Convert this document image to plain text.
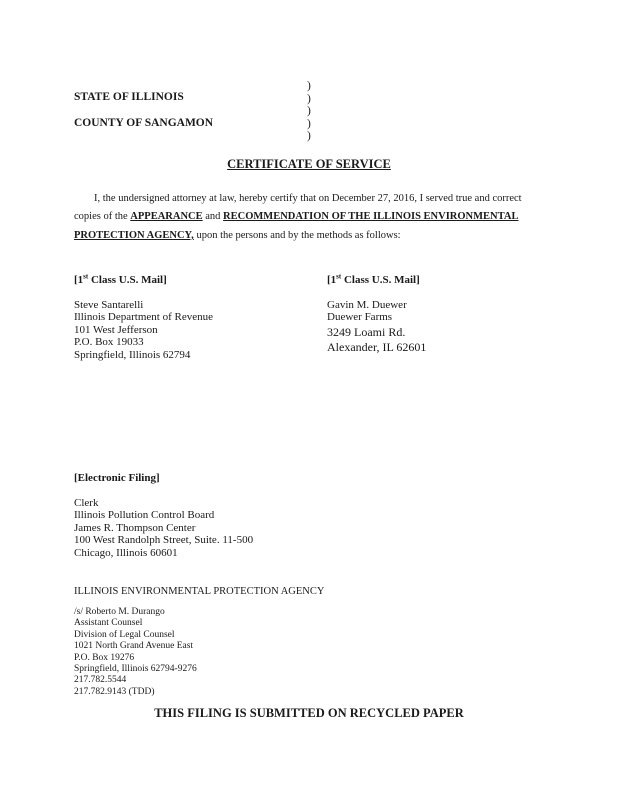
STATE OF ILLINOIS
COUNTY OF SANGAMON
)
)
)
)
)
CERTIFICATE OF SERVICE
I, the undersigned attorney at law, hereby certify that on December 27, 2016, I served true and correct
copies of the APPEARANCE and RECOMMENDATION OF THE ILLINOIS ENVIRONMENTAL
PROTECTION AGENCY, upon the persons and by the methods as follows:
[1st Class U.S. Mail]
Steve Santarelli
Illinois Department of Revenue
101 West Jefferson
P.O. Box 19033
Springfield, Illinois 62794
[1st Class U.S. Mail]
Gavin M. Duewer
Duewer Farms
3249 Loami Rd.
Alexander, IL 62601
[Electronic Filing]
Clerk
Illinois Pollution Control Board
James R. Thompson Center
100 West Randolph Street, Suite. 11-500
Chicago, Illinois 60601
ILLINOIS ENVIRONMENTAL PROTECTION AGENCY
/s/ Roberto M. Durango
Assistant Counsel
Division of Legal Counsel
1021 North Grand Avenue East
P.O. Box 19276
Springfield, Illinois 62794-9276
217.782.5544
217.782.9143 (TDD)
THIS FILING IS SUBMITTED ON RECYCLED PAPER
